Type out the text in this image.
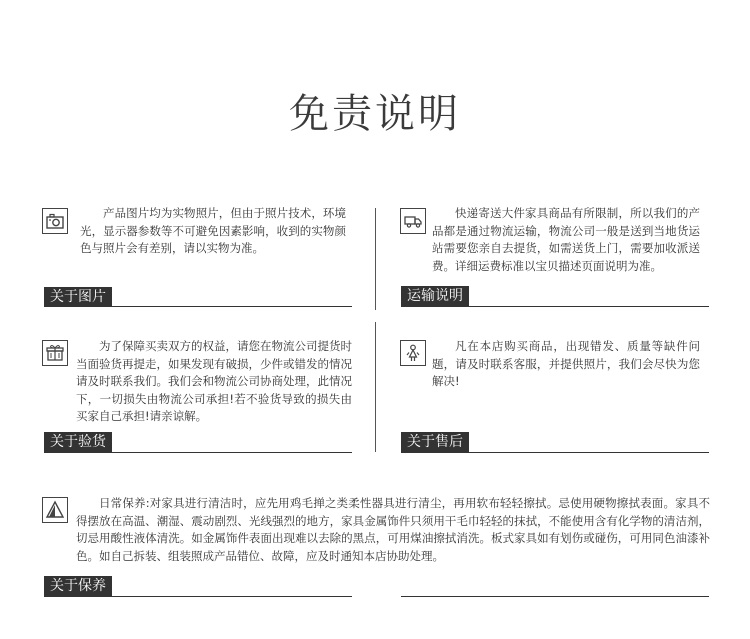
免责说明

产品图片均为实物照片，但由于照片技术，环境光，显示器参数等不可避免因素影响，收到的实物颜色与照片会有差别，请以实物为准。

关于图片

快递寄送大件家具商品有所限制，所以我们的产品都是通过物流运输，物流公司一般是送到当地货运站需要您亲自去提货，如需送货上门，需要加收派送费。详细运费标准以宝贝描述页面说明为准。

运输说明

为了保障买卖双方的权益，请您在物流公司提货时当面验货再提走，如果发现有破损，少件或错发的情况请及时联系我们。我们会和物流公司协商处理，此情况下，一切损失由物流公司承担!若不验货导致的损失由买家自己承担!请亲谅解。

关于验货

凡在本店购买商品，出现错发、质量等缺件问题，请及时联系客服，并提供照片，我们会尽快为您解决!

关于售后

日常保养:对家具进行清洁时，应先用鸡毛掸之类柔性器具进行清尘，再用软布轻轻擦拭。忌使用硬物擦拭表面。家具不得摆放在高温、潮湿、震动剧烈、光线强烈的地方，家具金属饰件只须用干毛巾轻轻的抹拭，不能使用含有化学物的清洁剂，切忌用酸性液体清洗。如金属饰件表面出现难以去除的黑点，可用煤油擦拭消洗。板式家具如有划伤或碰伤，可用同色油漆补色。如自己拆装、组装照成产品错位、故障，应及时通知本店协助处理。

关于保养
